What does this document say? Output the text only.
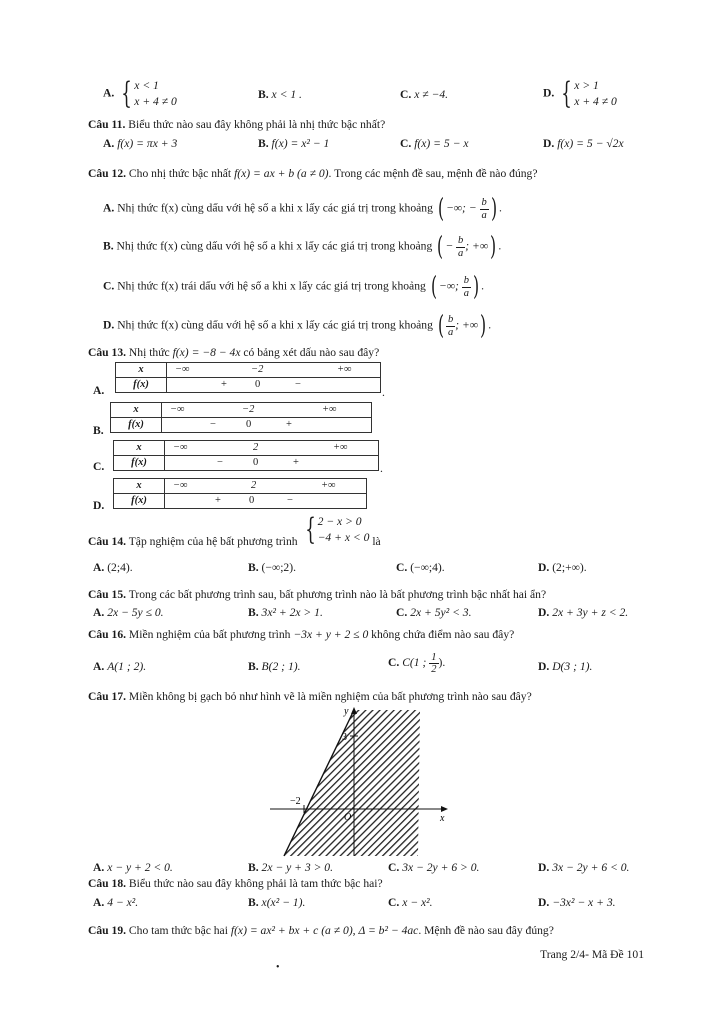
A. { x < 1
x + 4 ≠ 0
B. x < 1 .	C. x ≠ −4.	D. { x > 1
x + 4 ≠ 0
Câu 11. Biểu thức nào sau đây không phải là nhị thức bậc nhất?
A. f(x) = πx + 3	B. f(x) = x² − 1	C. f(x) = 5 − x	D. f(x) = 5 − √2x
Câu 12. Cho nhị thức bậc nhất f(x) = ax + b (a ≠ 0). Trong các mệnh đề sau, mệnh đề nào đúng?
A. Nhị thức f(x) cùng dấu với hệ số a khi x lấy các giá trị trong khoảng ( −∞; − $\frac{b}{a}$ ) .
B. Nhị thức f(x) cùng dấu với hệ số a khi x lấy các giá trị trong khoảng ( − $\frac{b}{a}$ ; +∞) .
C. Nhị thức f(x) trái dấu với hệ số a khi x lấy các giá trị trong khoảng ( −∞; $\frac{b}{a}$ ) .
D. Nhị thức f(x) cùng dấu với hệ số a khi x lấy các giá trị trong khoảng ( $\frac{b}{a}$ ; +∞) .
Câu 13. Nhị thức f(x) = −8 − 4x có bảng xét dấu nào sau đây?
A.
x	−∞ −2 +∞

f(x)	+ 0 −
.
B.
x	−∞ −2 +∞

f(x)	− 0 +
C.
x	−∞ 2 +∞

f(x)	− 0 +	.
D.
x	−∞ 2 +∞

f(x)	+ 0 −
Câu 14. Tập nghiệm của hệ bất phương trình { 2 − x > 0
−4 + x < 0 là
A. (2;4).	B. (−∞;2).	C. (−∞;4).	D. (2;+∞).
Câu 15. Trong các bất phương trình sau, bất phương trình nào là bất phương trình bậc nhất hai ẩn?
A. 2x − 5y ≤ 0.	B. 3x² + 2x > 1.	C. 2x + 5y² < 3.	D. 2x + 3y + z < 2.
Câu 16. Miền nghiệm của bất phương trình −3x + y + 2 ≤ 0 không chứa điểm nào sau đây?
A. A(1 ; 2).	B. B(2 ; 1).	C. C(1 ; $\frac{1}{2}$ ).	D. D(3 ; 1).
Câu 17. Miền không bị gạch bỏ như hình vẽ là miền nghiệm của bất phương trình nào sau đây?
y
x
3
−2
O
A. x − y + 2 < 0.	B. 2x − y + 3 > 0.	C. 3x − 2y + 6 > 0.	D. 3x − 2y + 6 < 0.
Câu 18. Biểu thức nào sau đây không phải là tam thức bậc hai?
A. 4 − x².	B. x(x² − 1).	C. x − x².	D. −3x² − x + 3.
Câu 19. Cho tam thức bậc hai f(x) = ax² + bx + c (a ≠ 0), Δ = b² − 4ac. Mệnh đề nào sau đây đúng?
Trang 2/4- Mã Đề 101
•
